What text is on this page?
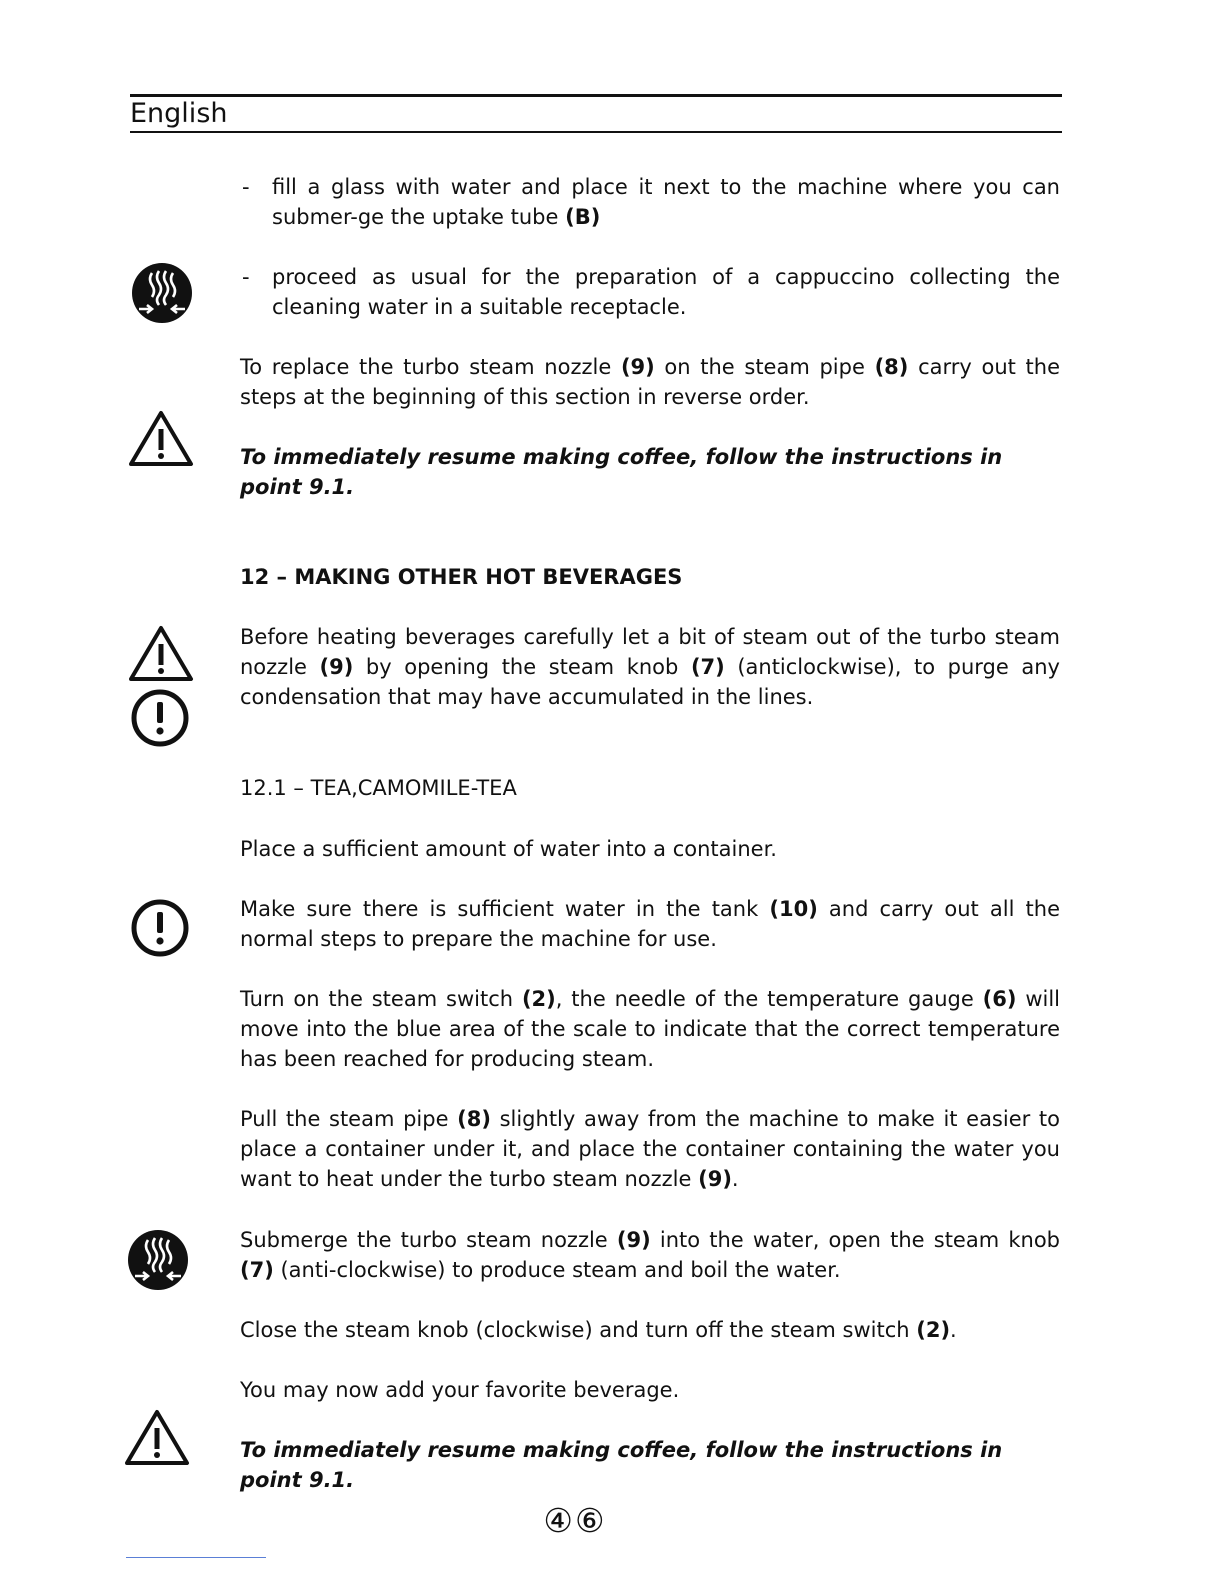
English
- fill a glass with water and place it next to the machine where you can submer-ge the uptake tube (B)

- proceed as usual for the preparation of a cappuccino collecting the cleaning water in a suitable receptacle.

To replace the turbo steam nozzle (9) on the steam pipe (8) carry out the steps at the beginning of this section in reverse order.

To immediately resume making coffee, follow the instructions in point 9.1.

12 – MAKING OTHER HOT BEVERAGES

Before heating beverages carefully let a bit of steam out of the turbo steam nozzle (9) by opening the steam knob (7) (anticlockwise), to purge any condensation that may have accumulated in the lines.

12.1 – TEA,CAMOMILE-TEA

Place a sufficient amount of water into a container.

Make sure there is sufficient water in the tank (10) and carry out all the normal steps to prepare the machine for use.

Turn on the steam switch (2), the needle of the temperature gauge (6) will move into the blue area of the scale to indicate that the correct temperature has been reached for producing steam.

Pull the steam pipe (8) slightly away from the machine to make it easier to place a container under it, and place the container containing the water you want to heat under the turbo steam nozzle (9).

Submerge the turbo steam nozzle (9) into the water, open the steam knob (7) (anti-clockwise) to produce steam and boil the water.

Close the steam knob (clockwise) and turn off the steam switch (2).

You may now add your favorite beverage.

To immediately resume making coffee, follow the instructions in point 9.1.

④⑥
